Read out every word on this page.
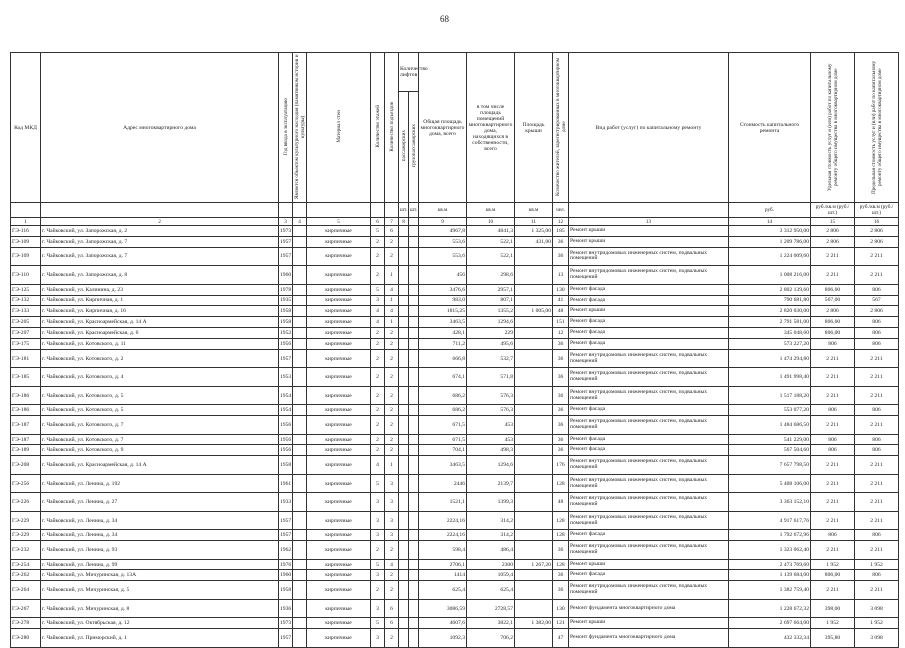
68
Код МКД	Адрес многоквартирного дома	Год ввода в эксплуатацию	Является объектом культурного наследия (памятником истории и культуры)	Материал стен	Количество этажей	Количество подъездов	Количество лифтов		Общая площадь многоквартирного дома, всего	в том числе площадь помещений многоквартирного дома, находящихся в собственности, всего	Площадь крыши	Количество жителей, зарегистрированных в многоквартирном доме	Вид работ (услуг) по капитальному ремонту	Стоимость капитального ремонта	Удельная стоимость услуг и (или) работ по капитальному ремонту общего имущества в многоквартирном доме	Предельная стоимость услуг и (или) работ по капитальному ремонту общего имущества в многоквартирном доме
							пассажирских	грузопассажирских								
							шт.	шт.	кв.м	кв.м	кв.м	чел.		руб.	руб./кв.м (руб./шт.)	руб./кв.м (руб./шт.)
1	2	3	4	5	6	7	8		9	10	11	12	13	14	15	16
ГЭ-116	г. Чайковский, ул. Запорожская, д. 2	1973		кирпичные	5	6			4967,8	4841,3	1 325,00	185	Ремонт крыши	3 312 950,00	2 806	2 806
ГЭ-109	г. Чайковский, ул. Запорожская, д. 7	1957		кирпичные	2	2			553,6	522,1	431,00	36	Ремонт крыши	1 209 786,00	2 806	2 806
ГЭ-109	г. Чайковский, ул. Запорожская, д. 7	1957		кирпичные	2	2			553,6	522,1		36	Ремонт внутридомовых инженерных систем, подвальных помещений	1 224 009,60	2 211	2 211
ГЭ-110	г. Чайковский, ул. Запорожская, д. 8	1960		кирпичные	2	1			456	298,6		13	Ремонт внутридомовых инженерных систем, подвальных помещений	1 008 216,00	2 211	2 211
ГЭ-125	г. Чайковский, ул. Калинина, д. 23	1978		кирпичные	5	4			3476,6	2957,1		130	Ремонт фасада	2 802 139,60	806,00	806
ГЭ-132	г. Чайковский, ул. Кирпичная, д. 1	1935		кирпичные	3	1			983,0	807,1		41	Ремонт фасада	790 681,80	567,00	567
ГЭ-133	г. Чайковский, ул. Кирпичная, д. 16	1958		кирпичные	4	4			1815,25	1355,2	1 005,00	48	Ремонт крыши	2 820 030,00	2 806	2 806
ГЭ-205	г. Чайковский, ул. Красноармейская, д. 14 А	1958		кирпичные	4	1			3463,5	1294,6		151	Ремонт фасада	2 791 581,00	806,00	806
ГЭ-207	г. Чайковский, ул. Красноармейская, д. 6	1952		кирпичные	2	2			428,1	229		12	Ремонт фасада	345 048,60	806,00	806
ГЭ-175	г. Чайковский, ул. Котовского, д. 11	1956		кирпичные	2	2			711,2	495,6		36	Ремонт фасада	573 227,20	806	806
ГЭ-181	г. Чайковский, ул. Котовского, д. 2	1957		кирпичные	2	2			666,8	532,7		36	Ремонт внутридомовых инженерных систем, подвальных помещений	1 474 294,80	2 211	2 211
ГЭ-185	г. Чайковский, ул. Котовского, д. 4	1953		кирпичные	2	2			674,1	571,8		36	Ремонт внутридомовых инженерных систем, подвальных помещений	1 491 998,40	2 211	2 211
ГЭ-186	г. Чайковский, ул. Котовского, д. 5	1954		кирпичные	2	2			686,2	576,3		36	Ремонт внутридомовых инженерных систем, подвальных помещений	1 517 188,20	2 211	2 211
ГЭ-186	г. Чайковский, ул. Котовского, д. 5	1954		кирпичные	2	2			686,2	576,3		36	Ремонт фасада	553 077,20	806	806
ГЭ-187	г. Чайковский, ул. Котовского, д. 7	1956		кирпичные	2	2			671,5	453		36	Ремонт внутридомовых инженерных систем, подвальных помещений	1 484 686,50	2 211	2 211
ГЭ-187	г. Чайковский, ул. Котовского, д. 7	1956		кирпичные	2	2			671,5	453		36	Ремонт фасада	541 229,00	806	806
ГЭ-189	г. Чайковский, ул. Котовского, д. 9	1956		кирпичные	2	2			704,1	498,3		36	Ремонт фасада	567 504,60	806	806
ГЭ-208	г. Чайковский, ул. Красноармейская, д. 14 А	1958		кирпичные	4	1			3463,5	1294,6		176	Ремонт внутридомовых инженерных систем, подвальных помещений	7 657 798,50	2 211	2 211
ГЭ-256	г. Чайковский, ул. Ленина, д. 102	1961		кирпичные	5	3			2446	2139,7		128	Ремонт внутридомовых инженерных систем, подвальных помещений	5 408 106,00	2 211	2 211
ГЭ-226	г. Чайковский, ул. Ленина, д. 27	1933		кирпичные	3	3			1521,1	1399,3		48	Ремонт внутридомовых инженерных систем, подвальных помещений	3 363 152,10	2 211	2 211
ГЭ-229	г. Чайковский, ул. Ленина, д. 34	1957		кирпичные	3	3			2224,16	314,2		128	Ремонт внутридомовых инженерных систем, подвальных помещений	4 917 617,76	2 211	2 211
ГЭ-229	г. Чайковский, ул. Ленина, д. 34	1957		кирпичные	3	3			2224,16	314,2		128	Ремонт фасада	1 792 672,96	806	806
ГЭ-232	г. Чайковский, ул. Ленина, д. 93	1962		кирпичные	2	2			598,4	486,4		36	Ремонт внутридомовых инженерных систем, подвальных помещений	1 323 062,40	2 211	2 211
ГЭ-254	г. Чайковский, ул. Ленина, д. 99	1976		кирпичные	5	4			2706,1	2300	1 267,20	128	Ремонт крыши	2 473 769,60	1 952	1 952
ГЭ-262	г. Чайковский, ул. Мичуринская, д. 13А	1960		кирпичные	3	2			1414	1059,4		36	Ремонт фасада	1 139 684,00	806,00	806
ГЭ-264	г. Чайковский, ул. Мичуринская, д. 5	1958		кирпичные	2	2			625,4	625,4		36	Ремонт внутридомовых инженерных систем, подвальных помещений	1 382 759,40	2 211	2 211
ГЭ-267	г. Чайковский, ул. Мичуринская, д. 8	1936		кирпичные	3	6			3086,59	2728,57		130	Ремонт фундамента многоквартирного дома	1 228 672,32	398,00	3 098
ГЭ-278	г. Чайковский, ул. Октябрьская, д. 12	1973		кирпичные	5	6			4607,6	3822,1	1 382,00	121	Ремонт крыши	2 697 664,00	1 952	1 952
ГЭ-280	г. Чайковский, ул. Приморский, д. 1	1957		кирпичные	3	2			1092,3	706,2		47	Ремонт фундамента многоквартирного дома	432 332,34	395,80	3 098
